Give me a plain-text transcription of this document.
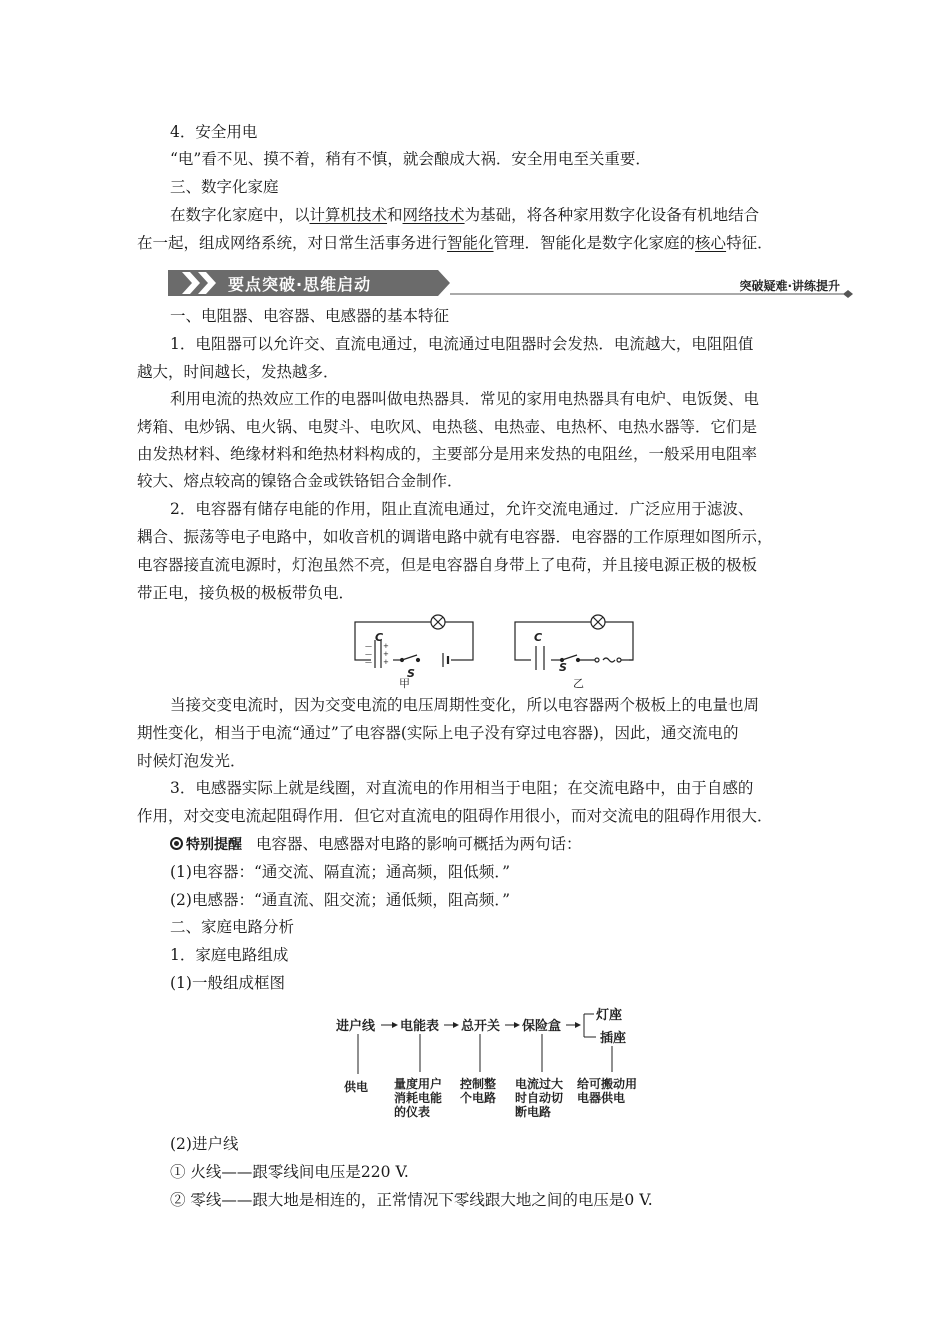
4．安全用电
“电”看不见、摸不着，稍有不慎，就会酿成大祸．安全用电至关重要．
三、数字化家庭
在数字化家庭中，以计算机技术和网络技术为基础，将各种家用数字化设备有机地结合
在一起，组成网络系统，对日常生活事务进行智能化管理．智能化是数字化家庭的核心特征．
要点突破·思维启动	突破疑难·讲练提升
一、电阻器、电容器、电感器的基本特征
1．电阻器可以允许交、直流电通过，电流通过电阻器时会发热．电流越大，电阻阻值
越大，时间越长，发热越多．
利用电流的热效应工作的电器叫做电热器具．常见的家用电热器具有电炉、电饭煲、电
烤箱、电炒锅、电火锅、电熨斗、电吹风、电热毯、电热壶、电热杯、电热水器等．它们是
由发热材料、绝缘材料和绝热材料构成的，主要部分是用来发热的电阻丝，一般采用电阻率
较大、熔点较高的镍铬合金或铁铬铝合金制作．
2．电容器有储存电能的作用，阻止直流电通过，允许交流电通过．广泛应用于滤波、
耦合、振荡等电子电路中，如收音机的调谐电路中就有电容器．电容器的工作原理如图所示，
电容器接直流电源时，灯泡虽然不亮，但是电容器自身带上了电荷，并且接电源正极的极板
带正电，接负极的极板带负电．
—
—
—
+
+
+
C
S
甲
C
S
乙
当接交变电流时，因为交变电流的电压周期性变化，所以电容器两个极板上的电量也周
期性变化，相当于电流“通过”了电容器(实际上电子没有穿过电容器)，因此，通交流电的
时候灯泡发光．
3．电感器实际上就是线圈，对直流电的作用相当于电阻；在交流电路中，由于自感的
作用，对交变电流起阻碍作用．但它对直流电的阻碍作用很小，而对交流电的阻碍作用很大．
特别提醒 电容器、电感器对电路的影响可概括为两句话：
(1)电容器：“通交流、隔直流；通高频，阻低频．”
(2)电感器：“通直流、阻交流；通低频，阻高频．”
二、家庭电路分析
1．家庭电路组成
(1)一般组成框图
进户线 电能表 总开关 保险盒
灯座
插座
供电 量度用户
消耗电能
的仪表
控制整
个电路
电流过大
时自动切
断电路
给可搬动用
电器供电
(2)进户线
① 火线——跟零线间电压是220 V.
② 零线——跟大地是相连的，正常情况下零线跟大地之间的电压是0 V.
